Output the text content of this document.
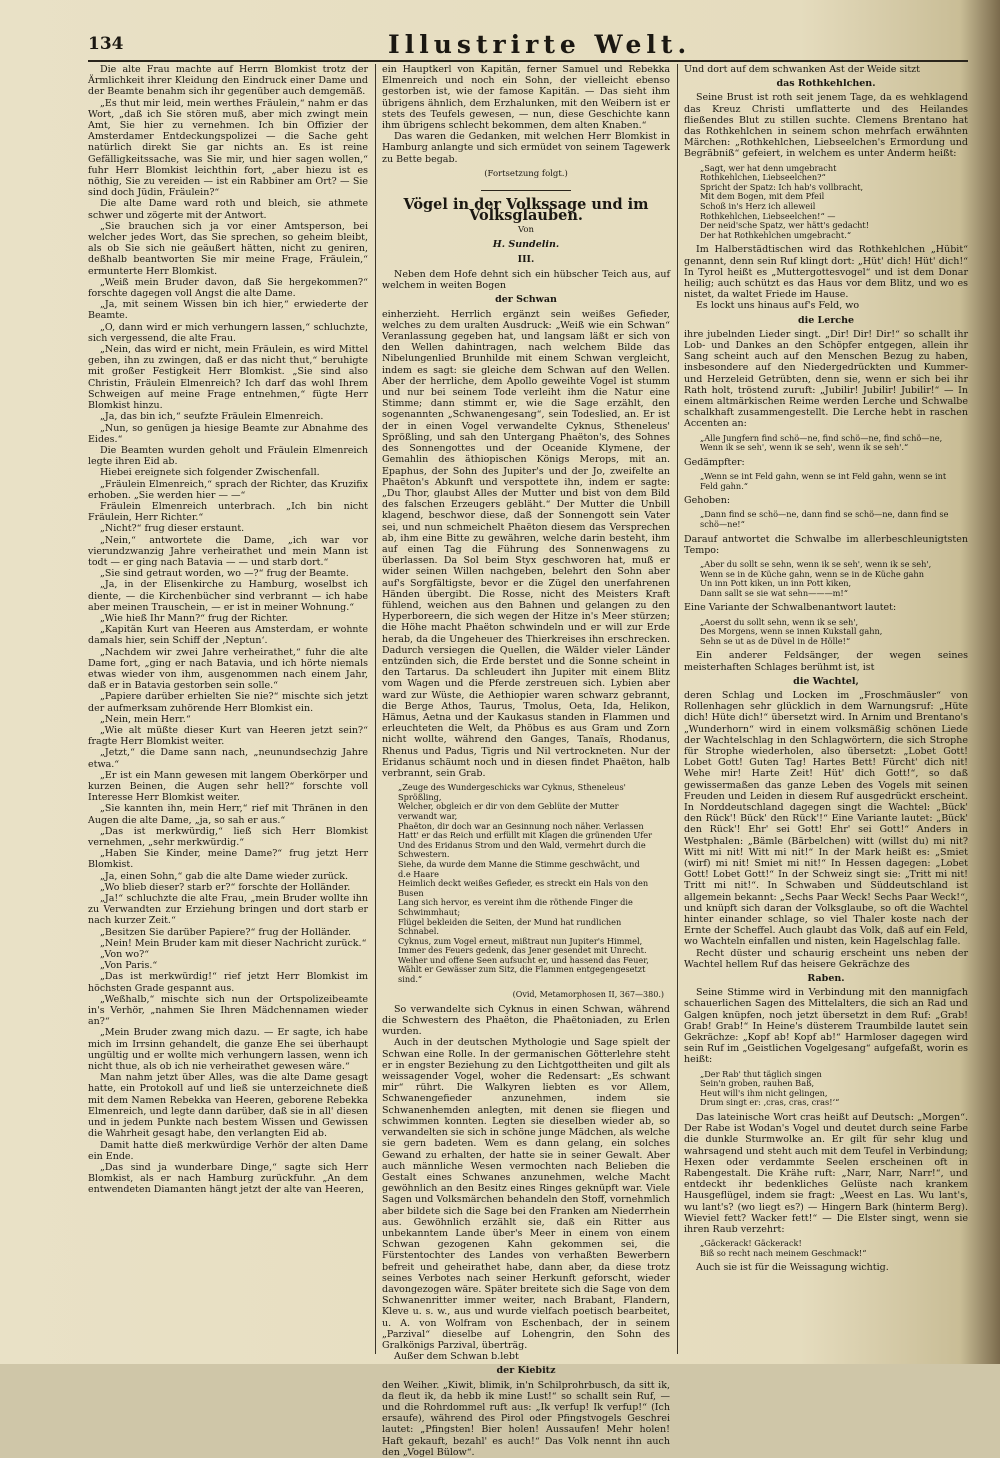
134	Illustrirte Welt.

Die alte Frau machte auf Herrn Blomkist trotz der Ärmlichkeit ihrer Kleidung den Eindruck einer Dame und der Beamte benahm sich ihr gegenüber auch demgemäß.

„Es thut mir leid, mein werthes Fräulein,“ nahm er das Wort, „daß ich Sie stören muß, aber mich zwingt mein Amt, Sie hier zu vernehmen. Ich bin Offizier der Amsterdamer Entdeckungspolizei — die Sache geht natürlich direkt Sie gar nichts an. Es ist reine Gefälligkeitssache, was Sie mir, und hier sagen wollen,“ fuhr Herr Blomkist leichthin fort, „aber hiezu ist es nöthig, Sie zu vereiden — ist ein Rabbiner am Ort? — Sie sind doch Jüdin, Fräulein?“

Die alte Dame ward roth und bleich, sie athmete schwer und zögerte mit der Antwort.

„Sie brauchen sich ja vor einer Amtsperson, bei welcher jedes Wort, das Sie sprechen, so geheim bleibt, als ob Sie sich nie geäußert hätten, nicht zu geniren, deßhalb beantworten Sie mir meine Frage, Fräulein,“ ermunterte Herr Blomkist.

„Weiß mein Bruder davon, daß Sie hergekommen?“ forschte dagegen voll Angst die alte Dame.

„Ja, mit seinem Wissen bin ich hier,“ erwiederte der Beamte.

„O, dann wird er mich verhungern lassen,“ schluchzte, sich vergessend, die alte Frau.

„Nein, das wird er nicht, mein Fräulein, es wird Mittel geben, ihn zu zwingen, daß er das nicht thut,“ beruhigte mit großer Festigkeit Herr Blomkist. „Sie sind also Christin, Fräulein Elmenreich? Ich darf das wohl Ihrem Schweigen auf meine Frage entnehmen,“ fügte Herr Blomkist hinzu.

„Ja, das bin ich,“ seufzte Fräulein Elmenreich.

„Nun, so genügen ja hiesige Beamte zur Abnahme des Eides.“

Die Beamten wurden geholt und Fräulein Elmenreich legte ihren Eid ab.

Hiebei ereignete sich folgender Zwischenfall.

„Fräulein Elmenreich,“ sprach der Richter, das Kruzifix erhoben. „Sie werden hier — —“

Fräulein Elmenreich unterbrach. „Ich bin nicht Fräulein, Herr Richter.“

„Nicht?“ frug dieser erstaunt.

„Nein,“ antwortete die Dame, „ich war vor vierundzwanzig Jahre verheirathet und mein Mann ist todt — er ging nach Batavia — — und starb dort.“

„Sie sind getraut worden, wo —?“ frug der Beamte.

„Ja, in der Elisenkirche zu Hamburg, woselbst ich diente, — die Kirchenbücher sind verbrannt — ich habe aber meinen Trauschein, — er ist in meiner Wohnung.“

„Wie hieß Ihr Mann?“ frug der Richter.

„Kapitän Kurt van Heeren aus Amsterdam, er wohnte damals hier, sein Schiff der ‚Neptun‘.

„Nachdem wir zwei Jahre verheirathet,“ fuhr die alte Dame fort, „ging er nach Batavia, und ich hörte niemals etwas wieder von ihm, ausgenommen nach einem Jahr, daß er in Batavia gestorben sein solle.“

„Papiere darüber erhielten Sie nie?“ mischte sich jetzt der aufmerksam zuhörende Herr Blomkist ein.

„Nein, mein Herr.“

„Wie alt müßte dieser Kurt van Heeren jetzt sein?“ fragte Herr Blomkist weiter.

„Jetzt,“ die Dame sann nach, „neunundsechzig Jahre etwa.“

„Er ist ein Mann gewesen mit langem Oberkörper und kurzen Beinen, die Augen sehr hell?“ forschte voll Interesse Herr Blomkist weiter.

„Sie kannten ihn, mein Herr,“ rief mit Thränen in den Augen die alte Dame, „ja, so sah er aus.“

„Das ist merkwürdig,“ ließ sich Herr Blomkist vernehmen, „sehr merkwürdig.“

„Haben Sie Kinder, meine Dame?“ frug jetzt Herr Blomkist.

„Ja, einen Sohn,“ gab die alte Dame wieder zurück.

„Wo blieb dieser? starb er?“ forschte der Holländer.

„Ja!“ schluchzte die alte Frau, „mein Bruder wollte ihn zu Verwandten zur Erziehung bringen und dort starb er nach kurzer Zeit.“

„Besitzen Sie darüber Papiere?“ frug der Holländer.

„Nein! Mein Bruder kam mit dieser Nachricht zurück.“

„Von wo?“

„Von Paris.“

„Das ist merkwürdig!“ rief jetzt Herr Blomkist im höchsten Grade gespannt aus.

„Weßhalb,“ mischte sich nun der Ortspolizeibeamte in's Verhör, „nahmen Sie Ihren Mädchennamen wieder an?“

„Mein Bruder zwang mich dazu. — Er sagte, ich habe mich im Irrsinn gehandelt, die ganze Ehe sei überhaupt ungültig und er wollte mich verhungern lassen, wenn ich nicht thue, als ob ich nie verheirathet gewesen wäre.“

Man nahm jetzt über Alles, was die alte Dame gesagt hatte, ein Protokoll auf und ließ sie unterzeichnete dieß mit dem Namen Rebekka van Heeren, geborene Rebekka Elmenreich, und legte dann darüber, daß sie in all' diesen und in jedem Punkte nach bestem Wissen und Gewissen die Wahrheit gesagt habe, den verlangten Eid ab.

Damit hatte dieß merkwürdige Verhör der alten Dame ein Ende.

„Das sind ja wunderbare Dinge,“ sagte sich Herr Blomkist, als er nach Hamburg zurückfuhr. „An dem entwendeten Diamanten hängt jetzt der alte van Heeren,

ein Hauptkerl von Kapitän, ferner Samuel und Rebekka Elmenreich und noch ein Sohn, der vielleicht ebenso gestorben ist, wie der famose Kapitän. — Das sieht ihm übrigens ähnlich, dem Erzhalunken, mit den Weibern ist er stets des Teufels gewesen, — nun, diese Geschichte kann ihm übrigens schlecht bekommen, dem alten Knaben.“

Das waren die Gedanken, mit welchen Herr Blomkist in Hamburg anlangte und sich ermüdet von seinem Tagewerk zu Bette begab.

(Fortsetzung folgt.)
Vögel in der Volkssage und im Volksglauben.
Von
H. Sundelin.
III.

Neben dem Hofe dehnt sich ein hübscher Teich aus, auf welchem in weiten Bogen

der Schwan

einherzieht. Herrlich ergänzt sein weißes Gefieder, welches zu dem uralten Ausdruck: „Weiß wie ein Schwan“ Veranlassung gegeben hat, und langsam läßt er sich von den Wellen dahintragen, nach welchem Bilde das Nibelungenlied Brunhilde mit einem Schwan vergleicht, indem es sagt: sie gleiche dem Schwan auf den Wellen. Aber der herrliche, dem Apollo geweihte Vogel ist stumm und nur bei seinem Tode verleiht ihm die Natur eine Stimme; dann stimmt er, wie die Sage erzählt, den sogenannten „Schwanengesang“, sein Todeslied, an. Er ist der in einen Vogel verwandelte Cyknus, Stheneleus' Sprößling, und sah den Untergang Phaëton's, des Sohnes des Sonnengottes und der Oceanide Klymene, der Gemahlin des äthiopischen Königs Merops, mit an. Epaphus, der Sohn des Jupiter's und der Jo, zweifelte an Phaëton's Abkunft und verspottete ihn, indem er sagte: „Du Thor, glaubst Alles der Mutter und bist von dem Bild des falschen Erzeugers gebläht.“ Der Mutter die Unbill klagend, beschwor diese, daß der Sonnengott sein Vater sei, und nun schmeichelt Phaëton diesem das Versprechen ab, ihm eine Bitte zu gewähren, welche darin besteht, ihm auf einen Tag die Führung des Sonnenwagens zu überlassen. Da Sol beim Styx geschworen hat, muß er wider seinen Willen nachgeben, belehrt den Sohn aber auf's Sorgfältigste, bevor er die Zügel den unerfahrenen Händen übergibt. Die Rosse, nicht des Meisters Kraft fühlend, weichen aus den Bahnen und gelangen zu den Hyperboreern, die sich wegen der Hitze in's Meer stürzen; die Höhe macht Phaëton schwindeln und er will zur Erde herab, da die Ungeheuer des Thierkreises ihn erschrecken. Dadurch versiegen die Quellen, die Wälder vieler Länder entzünden sich, die Erde berstet und die Sonne scheint in den Tartarus. Da schleudert ihn Jupiter mit einem Blitz vom Wagen und die Pferde zerstreuen sich. Lybien aber ward zur Wüste, die Aethiopier waren schwarz gebrannt, die Berge Athos, Taurus, Tmolus, Oeta, Ida, Helikon, Hämus, Aetna und der Kaukasus standen in Flammen und erleuchteten die Welt, da Phöbus es aus Gram und Zorn nicht wollte, während den Ganges, Tanaïs, Rhodanus, Rhenus und Padus, Tigris und Nil vertrockneten. Nur der Eridanus schäumt noch und in diesen findet Phaëton, halb verbrannt, sein Grab.

„Zeuge des Wundergeschicks war Cyknus, Stheneleus' Sprößling,
Welcher, obgleich er dir von dem Geblüte der Mutter verwandt war,
Phaëton, dir doch war an Gesinnung noch näher. Verlassen
Hatt' er das Reich und erfüllt mit Klagen die grünenden Ufer
Und des Eridanus Strom und den Wald, vermehrt durch die Schwestern.
Siehe, da wurde dem Manne die Stimme geschwächt, und d.e Haare
Heimlich deckt weißes Gefieder, es streckt ein Hals von den Busen
Lang sich hervor, es vereint ihm die röthende Finger die Schwimmhaut;
Flügel bekleiden die Seiten, der Mund hat rundlichen Schnabel.
Cyknus, zum Vogel erneut, mißtraut nun Jupiter's Himmel,
Immer des Feuers gedenk, das Jener gesendet mit Unrecht.
Weiher und offene Seen aufsucht er, und hassend das Feuer,
Wählt er Gewässer zum Sitz, die Flammen entgegengesetzt sind.“
(Ovid, Metamorphosen II, 367—380.)

So verwandelte sich Cyknus in einen Schwan, während die Schwestern des Phaëton, die Phaëtoniaden, zu Erlen wurden.

Auch in der deutschen Mythologie und Sage spielt der Schwan eine Rolle. In der germanischen Götterlehre steht er in engster Beziehung zu den Lichtgottheiten und gilt als weissagender Vogel, woher die Redensart: „Es schwant mir“ rührt. Die Walkyren liebten es vor Allem, Schwanengefieder anzunehmen, indem sie Schwanenhemden anlegten, mit denen sie fliegen und schwimmen konnten. Legten sie dieselben wieder ab, so verwandelten sie sich in schöne junge Mädchen, als welche sie gern badeten. Wem es dann gelang, ein solches Gewand zu erhalten, der hatte sie in seiner Gewalt. Aber auch männliche Wesen vermochten nach Belieben die Gestalt eines Schwanes anzunehmen, welche Macht gewöhnlich an den Besitz eines Ringes geknüpft war. Viele Sagen und Volksmärchen behandeln den Stoff, vornehmlich aber bildete sich die Sage bei den Franken am Niederrhein aus. Gewöhnlich erzählt sie, daß ein Ritter aus unbekanntem Lande über's Meer in einem von einem Schwan gezogenen Kahn gekommen sei, die Fürstentochter des Landes von verhaßten Bewerbern befreit und geheirathet habe, dann aber, da diese trotz seines Verbotes nach seiner Herkunft geforscht, wieder davongezogen wäre. Später breitete sich die Sage von dem Schwanenritter immer weiter, nach Brabant, Flandern, Kleve u. s. w., aus und wurde vielfach poetisch bearbeitet, u. A. von Wolfram von Eschenbach, der in seinem „Parzival“ dieselbe auf Lohengrin, den Sohn des Gralkönigs Parzival, überträg.

Außer dem Schwan b.lebt

der Kiebitz

den Weiher. „Kiwit, blimik, in'n Schilprohrbusch, da sitt ik, da fleut ik, da hebb ik mine Lust!“ so schallt sein Ruf, — und die Rohrdommel ruft aus: „Ik verfup! Ik verfup!“ (Ich ersaufe), während des Pirol oder Pfingstvogels Geschrei lautet: „Pfingsten! Bier holen! Aussaufen! Mehr holen! Haft gekauft, bezahl' es auch!“ Das Volk nennt ihn auch den „Vogel Bülow“.

Und dort auf dem schwanken Ast der Weide sitzt

das Rothkehlchen.

Seine Brust ist roth seit jenem Tage, da es wehklagend das Kreuz Christi umflatterte und des Heilandes fließendes Blut zu stillen suchte. Clemens Brentano hat das Rothkehlchen in seinem schon mehrfach erwähnten Märchen: „Rothkehlchen, Liebseelchen's Ermordung und Begräbniß“ gefeiert, in welchem es unter Anderm heißt:

„Sagt, wer hat denn umgebracht
Rothkehlchen, Liebseelchen?“
Spricht der Spatz: Ich hab's vollbracht,
Mit dem Bogen, mit dem Pfeil
Schoß in's Herz ich alleweil
Rothkehlchen, Liebseelchen!“ —
Der neid'sche Spatz, wer hätt's gedacht!
Der hat Rothkehlchen umgebracht.“

Im Halberstädtischen wird das Rothkehlchen „Hübit“ genannt, denn sein Ruf klingt dort: „Hüt' dich! Hüt' dich!“ In Tyrol heißt es „Muttergottesvogel“ und ist dem Donar heilig; auch schützt es das Haus vor dem Blitz, und wo es nistet, da waltet Friede im Hause.

Es lockt uns hinaus auf's Feld, wo

die Lerche

ihre jubelnden Lieder singt. „Dir! Dir! Dir!“ so schallt ihr Lob- und Dankes an den Schöpfer entgegen, allein ihr Sang scheint auch auf den Menschen Bezug zu haben, insbesondere auf den Niedergedrückten und Kummer- und Herzeleid Getrübten, denn sie, wenn er sich bei ihr Rath holt, tröstend zuruft: „Jubilir! Jubilir! Jubilir!“ — In einem altmärkischen Reime werden Lerche und Schwalbe schalkhaft zusammengestellt. Die Lerche hebt in raschen Accenten an:

„Alle Jungfern find schö—ne, find schö—ne, find schö—ne, Wenn ik se seh', wenn ik se seh', wenn ik se seh'.“

Gedämpfter:

„Wenn se int Feld gahn, wenn se int Feld gahn, wenn se int Feld gahn.“

Gehoben:

„Dann find se schö—ne, dann find se schö—ne, dann find se schö—ne!“

Darauf antwortet die Schwalbe im allerbeschleunigtsten Tempo:

„Aber du sollt se sehn, wenn ik se seh', wenn ik se seh',
Wenn se in de Küche gahn, wenn se in de Küche gahn
Un inn Pott kiken, un inn Pott kiken,
Dann sallt se sie wat sehn———m!“

Eine Variante der Schwalbenantwort lautet:

„Aoerst du sollt sehn, wenn ik se seh',
Des Morgens, wenn se innen Kukstall gahn,
Sehn se ut as de Düvel in de Hölle!“

Ein anderer Feldsänger, der wegen seines meisterhaften Schlages berühmt ist, ist

die Wachtel,

deren Schlag und Locken im „Froschmäusler“ von Rollenhagen sehr glücklich in dem Warnungsruf: „Hüte dich! Hüte dich!“ übersetzt wird. In Arnim und Brentano's „Wunderhorn“ wird in einem volksmäßig schönen Liede der Wachtelschlag in den Schlagwörtern, die sich Strophe für Strophe wiederholen, also übersetzt: „Lobet Gott! Lobet Gott! Guten Tag! Hartes Bett! Fürcht' dich nit! Wehe mir! Harte Zeit! Hüt' dich Gott!“, so daß gewissermaßen das ganze Leben des Vogels mit seinen Freuden und Leiden in diesem Ruf ausgedrückt erscheint. In Norddeutschland dagegen singt die Wachtel: „Bück' den Rück'! Bück' den Rück'!“ Eine Variante lautet: „Bück' den Rück'! Ehr' sei Gott! Ehr' sei Gott!“ Anders in Westphalen: „Bämle (Bärbelchen) witt (willst du) mi nit? Witt mi nit! Witt mi nit!“ In der Mark heißt es: „Smiet (wirf) mi nit! Smiet mi nit!“ In Hessen dagegen: „Lobet Gott! Lobet Gott!“ In der Schweiz singt sie: „Tritt mi nit! Tritt mi nit!“. In Schwaben und Süddeutschland ist allgemein bekannt: „Sechs Paar Weck! Sechs Paar Weck!“, und knüpft sich daran der Volksglaube, so oft die Wachtel hinter einander schlage, so viel Thaler koste nach der Ernte der Scheffel. Auch glaubt das Volk, daß auf ein Feld, wo Wachteln einfallen und nisten, kein Hagelschlag falle.

Recht düster und schaurig erscheint uns neben der Wachtel hellem Ruf das heisere Gekrächze des

Raben.

Seine Stimme wird in Verbindung mit den mannigfach schauerlichen Sagen des Mittelalters, die sich an Rad und Galgen knüpfen, noch jetzt übersetzt in dem Ruf: „Grab! Grab! Grab!“ In Heine's düsterem Traumbilde lautet sein Gekrächze: „Kopf ab! Kopf ab!“ Harmloser dagegen wird sein Ruf im „Geistlichen Vogelgesang“ aufgefaßt, worin es heißt:

„Der Rab' thut täglich singen
Sein'n groben, rauhen Baß,
Heut will's ihm nicht gelingen,
Drum singt er: ‚cras, cras, cras!‘“

Das lateinische Wort cras heißt auf Deutsch: „Morgen“. Der Rabe ist Wodan's Vogel und deutet durch seine Farbe die dunkle Sturmwolke an. Er gilt für sehr klug und wahrsagend und steht auch mit dem Teufel in Verbindung; Hexen oder verdammte Seelen erscheinen oft in Rabengestalt. Die Krähe ruft: „Narr, Narr, Narr!“, und entdeckt ihr bedenkliches Gelüste nach krankem Hausgeflügel, indem sie fragt: „Weest en Las. Wu lant's, wu lant's? (wo liegt es?) — Hingern Bark (hinterm Berg). Wieviel fett? Wacker fett!“ — Die Elster singt, wenn sie ihren Raub verzehrt:

„Gäckerack! Gäckerack!
Biß so recht nach meinem Geschmack!“

Auch sie ist für die Weissagung wichtig.
